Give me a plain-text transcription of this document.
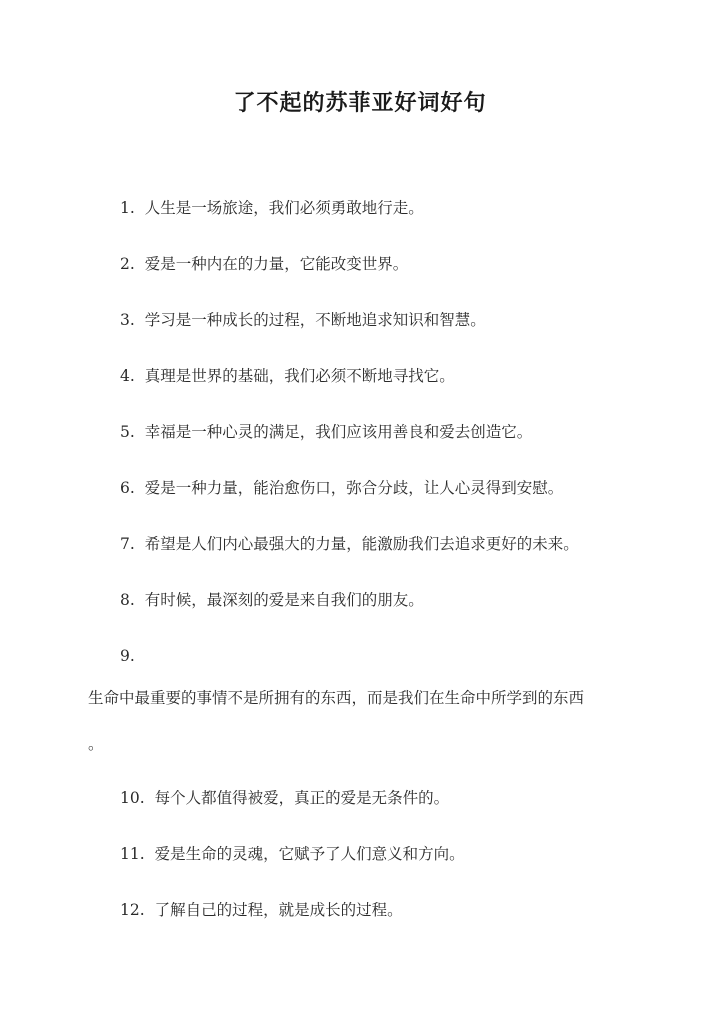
了不起的苏菲亚好词好句
1. 人生是一场旅途，我们必须勇敢地行走。
2. 爱是一种内在的力量，它能改变世界。
3. 学习是一种成长的过程，不断地追求知识和智慧。
4. 真理是世界的基础，我们必须不断地寻找它。
5. 幸福是一种心灵的满足，我们应该用善良和爱去创造它。
6. 爱是一种力量，能治愈伤口，弥合分歧，让人心灵得到安慰。
7. 希望是人们内心最强大的力量，能激励我们去追求更好的未来。
8. 有时候，最深刻的爱是来自我们的朋友。
9.
生命中最重要的事情不是所拥有的东西，而是我们在生命中所学到的东西
。
10. 每个人都值得被爱，真正的爱是无条件的。
11. 爱是生命的灵魂，它赋予了人们意义和方向。
12. 了解自己的过程，就是成长的过程。
